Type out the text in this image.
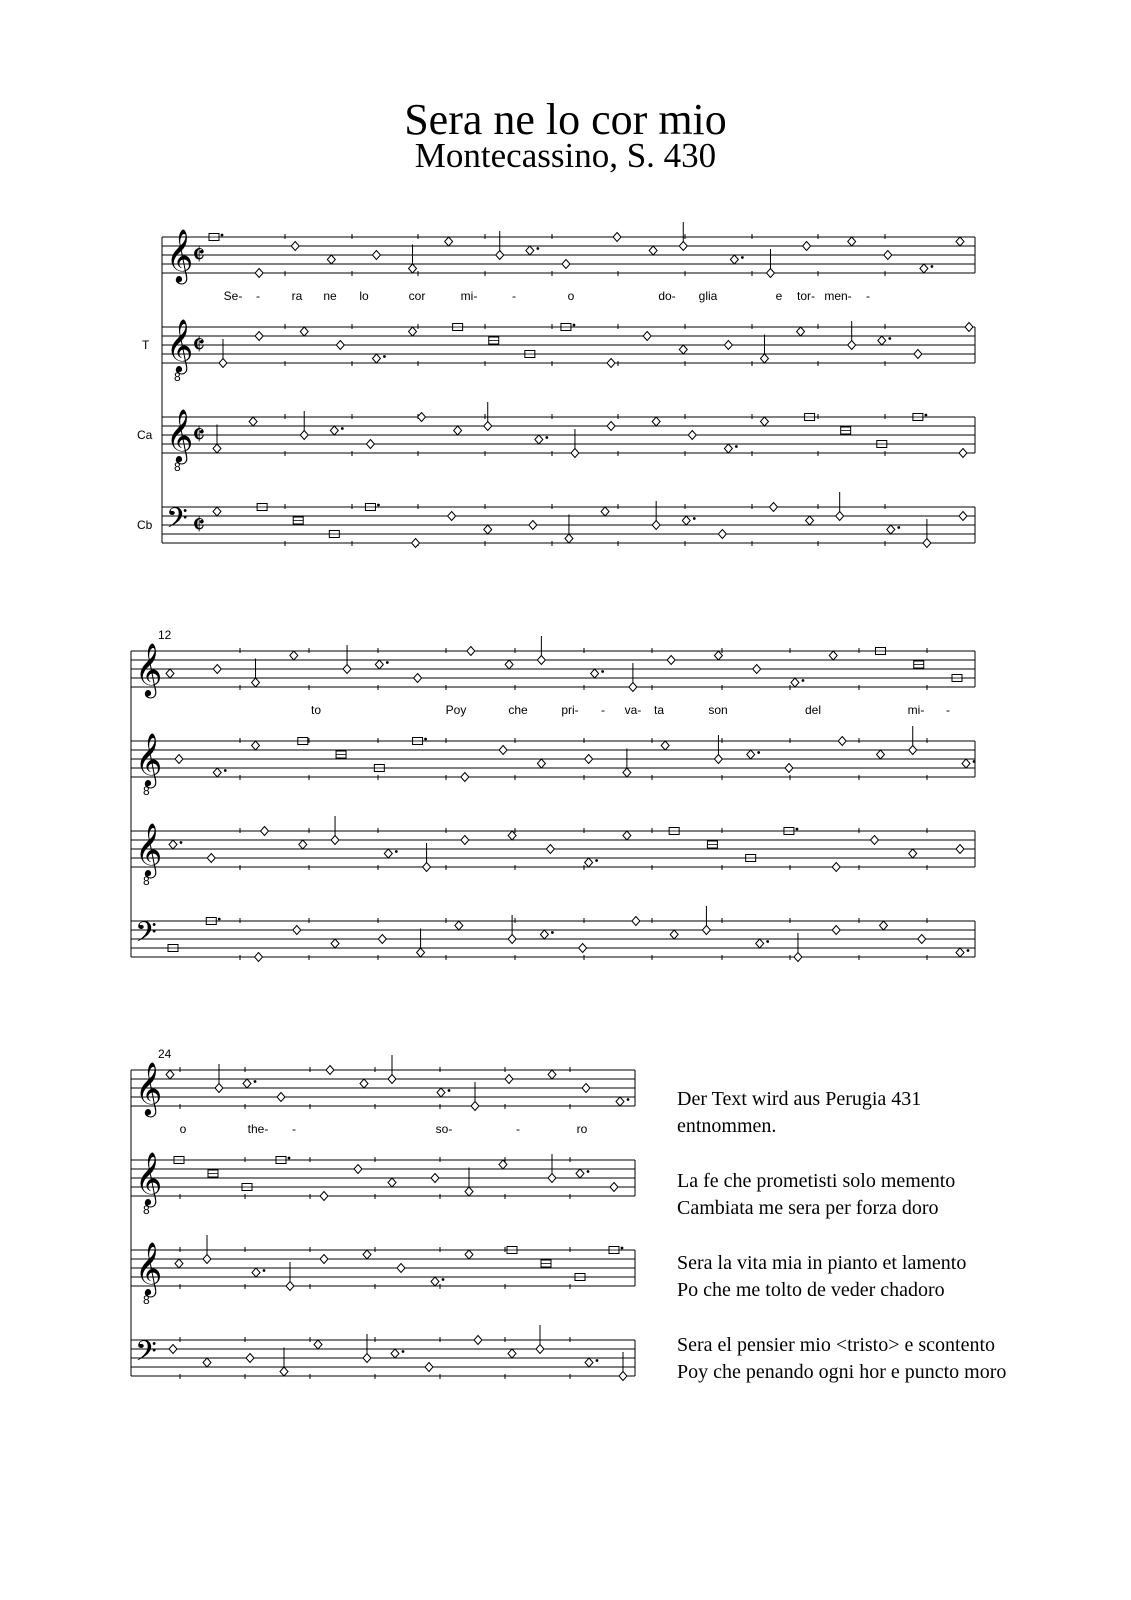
Sera ne lo cor mio
Montecassino, S. 430
𝄞
𝄵
𝄞
8
𝄵
T
𝄞
8
𝄵
Ca
𝄢 𝄵
Cb
Se- -	ra ne lo	cor	mi-	-	o	do- glia	e tor- men- -
12
𝄞
𝄞
8
𝄞
8
𝄢
to	Poy	che	pri- - va- ta	son	del	mi- -
24
𝄞
𝄞
8
𝄞
8
𝄢
o	the- -	so-	-	ro

Der Text wird aus Perugia 431
entnommen.

La fe che prometisti solo memento
Cambiata me sera per forza doro

Sera la vita mia in pianto et lamento
Po che me tolto de veder chadoro

Sera el pensier mio <tristo> e scontento
Poy che penando ogni hor e puncto moro
